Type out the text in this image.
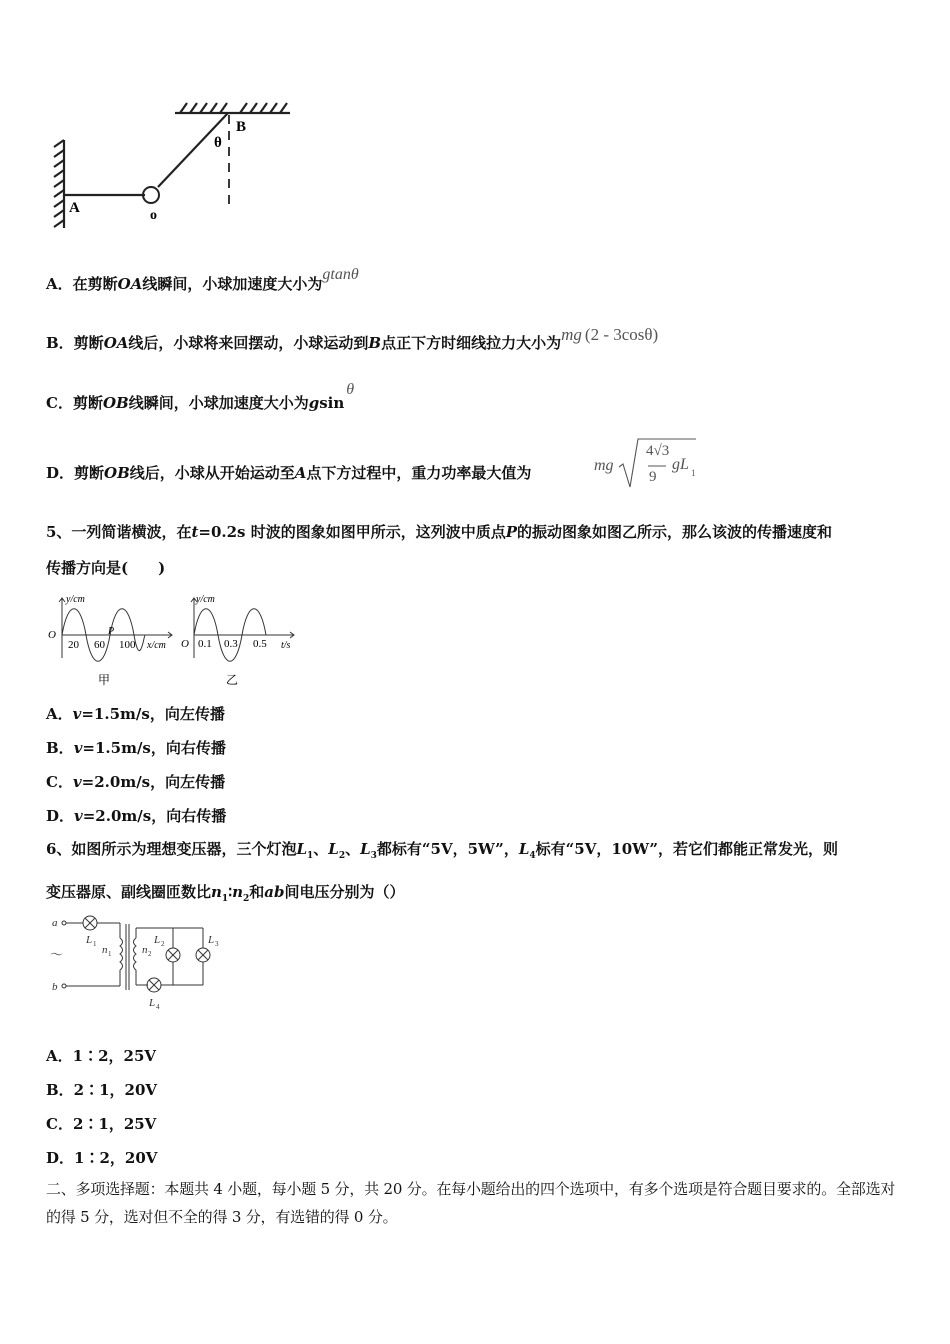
A
B
o
θ
A．在剪断OA线瞬间，小球加速度大小为gtanθ
B．剪断OA线后，小球将来回摆动，小球运动到B点正下方时细线拉力大小为mg (2 - 3cosθ)
C．剪断OB线瞬间，小球加速度大小为gsinθ
D．剪断OB线后，小球从开始运动至A点下方过程中，重力功率最大值为	mg
4√3
9
gL 1
5、一列简谐横波，在t=0.2s 时波的图象如图甲所示，这列波中质点P的振动图象如图乙所示，那么该波的传播速度和
传播方向是(　　)
y/cm
O
20 60 100 x/cm
P
甲
y/cm
O 0.1 0.3 0.5 t/s
乙
A．v=1.5m/s，向左传播
B．v=1.5m/s，向右传播
C．v=2.0m/s，向左传播
D．v=2.0m/s，向右传播
6、如图所示为理想变压器，三个灯泡$L_1$、$L_2$、$L_3$都标有“5V，5W”，$L_4$标有“5V，10W”，若它们都能正常发光，则
变压器原、副线圈匝数比$n_1∶n_2$和ab间电压分别为（）
a
b
L 1 n 1	n 2
L 2	L 3
L 4
～
A．1∶2，25V
B．2∶1，20V
C．2∶1，25V
D．1∶2，20V
二、多项选择题：本题共 4 小题，每小题 5 分，共 20 分。在每小题给出的四个选项中，有多个选项是符合题目要求的。全部选对的得 5 分，选对但不全的得 3 分，有选错的得 0 分。
